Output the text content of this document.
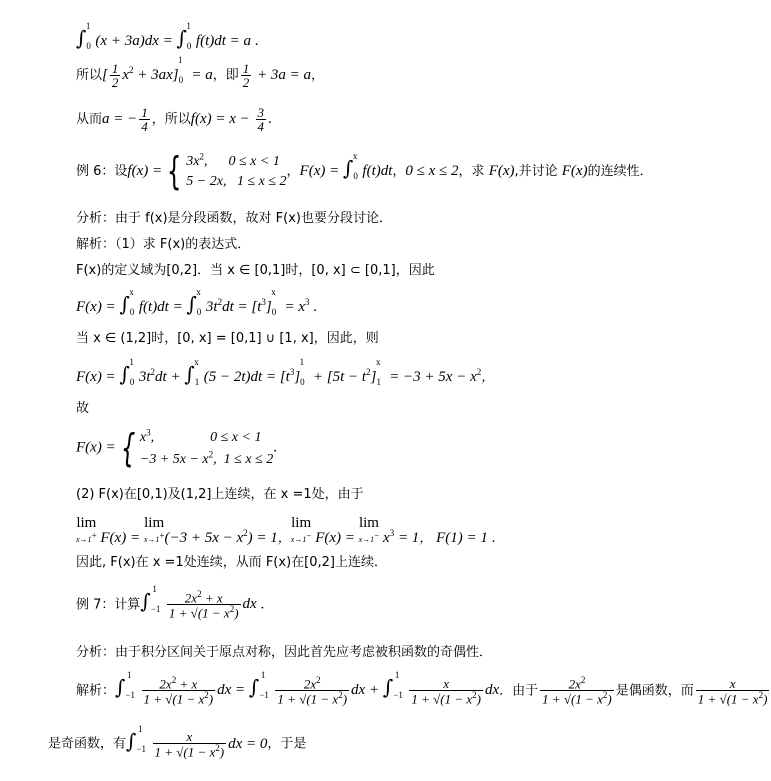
$\int_0^1(x + 3a)dx = \int_0^1f(t)dt = a$ .
所以[ $\frac{1}{2} x^2 + 3ax]_0^1 = a$，即 $\frac{1}{2} + 3a = a$，
从而a = − $\frac{1}{4}$ ，所以$f(x) = x - \frac{3}{4}$ .
例 6：设f(x) = { $3x^2$,      0 ≤ x < 1
5 − 2x,   1 ≤ x ≤ 2，$F(x) = \int_0^xf(t)dt$，0 ≤ x ≤ 2，求 F(x),并讨论 F(x)的连续性．
分析：由于 f(x)是分段函数，故对 F(x)也要分段讨论．
解析：（1）求 F(x)的表达式．
F(x)的定义域为[0,2]．当 x ∈ [0,1]时，[0, x] ⊂ [0,1]，因此
$F(x) = \int_0^xf(t)dt = \int_0^x3t^2dt = [t^3]_0^x = x^3$ .
当 x ∈ (1,2]时，[0, x] = [0,1] ∪ [1, x]，因此，则
$F(x) = \int_0^13t^2dt + \int_1^x(5 - 2t)dt = [t^3]_0^1 + [5t - t^2]_1^x = -3 + 5x - x^2$，
故
F(x) = { $x^3$,                0 ≤ x < 1
$-3 + 5x - x^2$,  1 ≤ x ≤ 2.
(2) F(x)在[0,1)及(1,2]上连续，在 x =1处，由于
lim
x→1+ F(x) = lim
$x\to 1^+(-3 + 5x - x^2) = 1$，lim
x→1− F(x) = lim
x→1− $x^3 = 1$， F(1) = 1 .
因此, F(x)在 x =1处连续，从而 F(x)在[0,2]上连续．
例 7：计算$\int_{-1}^1$
$\frac{2x^2 + x}{1 + √(1 - x^2)}$ dx .
分析：由于积分区间关于原点对称，因此首先应考虑被积函数的奇偶性．
解析：$\int_{-1}^1$
$\frac{2x^2 + x}{1 + √(1 - x^2)}$ dx = $\int_{-1}^1$
$\frac{2x^2}{1 + √(1 - x^2)}$ dx + $\int_{-1}^1$
$\frac{x}{1 + √(1 - x^2)}$ dx．由于 $\frac{2x^2}{1 + √(1 - x^2)}$ 是偶函数，而 $\frac{x}{1 + √(1 - x^2)}$
是奇函数，有$\int_{-1}^1$
$\frac{x}{1 + √(1 - x^2)}$ dx = 0，于是
